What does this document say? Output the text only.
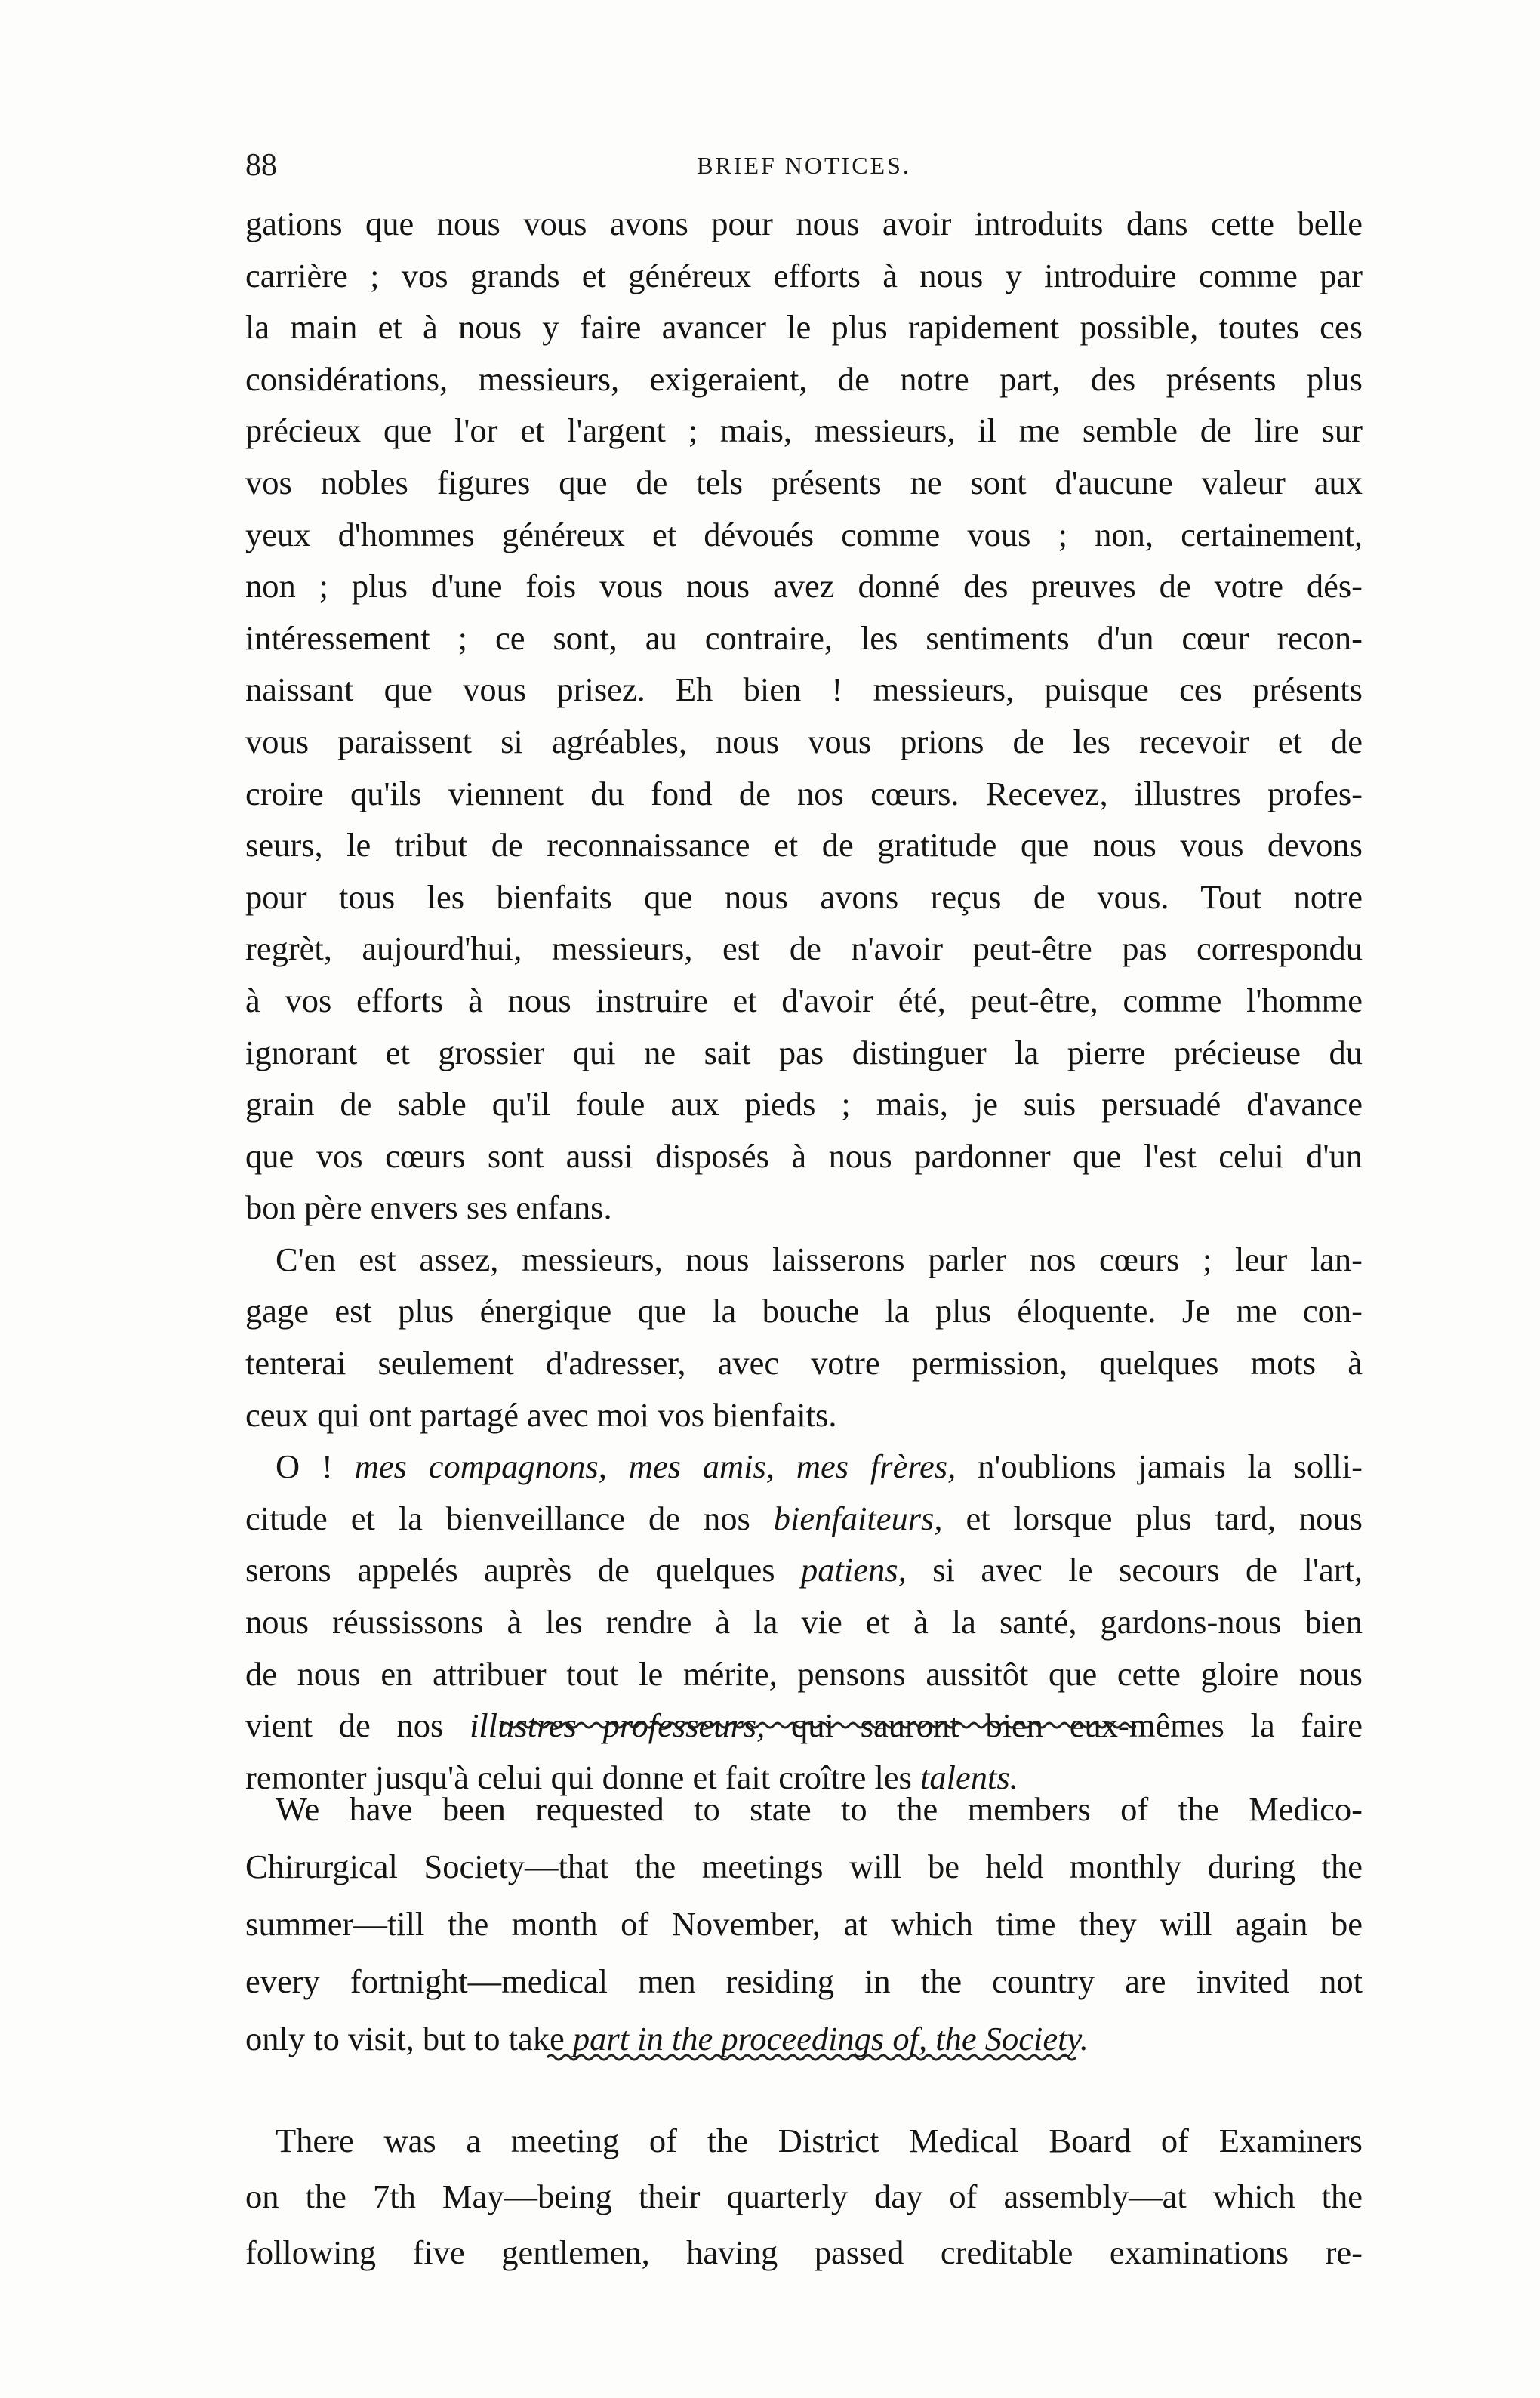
88	BRIEF NOTICES.

gations que nous vous avons pour nous avoir introduits dans cette belle
carrière ; vos grands et généreux efforts à nous y introduire comme par
la main et à nous y faire avancer le plus rapidement possible, toutes ces
considérations, messieurs, exigeraient, de notre part, des présents plus
précieux que l'or et l'argent ; mais, messieurs, il me semble de lire sur
vos nobles figures que de tels présents ne sont d'aucune valeur aux
yeux d'hommes généreux et dévoués comme vous ; non, certainement,
non ; plus d'une fois vous nous avez donné des preuves de votre dés-
intéressement ; ce sont, au contraire, les sentiments d'un cœur recon-
naissant que vous prisez. Eh bien ! messieurs, puisque ces présents
vous paraissent si agréables, nous vous prions de les recevoir et de
croire qu'ils viennent du fond de nos cœurs. Recevez, illustres profes-
seurs, le tribut de reconnaissance et de gratitude que nous vous devons
pour tous les bienfaits que nous avons reçus de vous. Tout notre
regrèt, aujourd'hui, messieurs, est de n'avoir peut-être pas correspondu
à vos efforts à nous instruire et d'avoir été, peut-être, comme l'homme
ignorant et grossier qui ne sait pas distinguer la pierre précieuse du
grain de sable qu'il foule aux pieds ; mais, je suis persuadé d'avance
que vos cœurs sont aussi disposés à nous pardonner que l'est celui d'un
bon père envers ses enfans.

C'en est assez, messieurs, nous laisserons parler nos cœurs ; leur lan-
gage est plus énergique que la bouche la plus éloquente. Je me con-
tenterai seulement d'adresser, avec votre permission, quelques mots à
ceux qui ont partagé avec moi vos bienfaits.

O ! mes compagnons, mes amis, mes frères, n'oublions jamais la solli-
citude et la bienveillance de nos bienfaiteurs, et lorsque plus tard, nous
serons appelés auprès de quelques patiens, si avec le secours de l'art,
nous réussissons à les rendre à la vie et à la santé, gardons-nous bien
de nous en attribuer tout le mérite, pensons aussitôt que cette gloire nous
vient de nos illustres professeurs, qui sauront bien eux-mêmes la faire
remonter jusqu'à celui qui donne et fait croître les talents.

We have been requested to state to the members of the Medico-
Chirurgical Society—that the meetings will be held monthly during the
summer—till the month of November, at which time they will again be
every fortnight—medical men residing in the country are invited not
only to visit, but to take part in the proceedings of, the Society.

There was a meeting of the District Medical Board of Examiners
on the 7th May—being their quarterly day of assembly—at which the
following five gentlemen, having passed creditable examinations re-
